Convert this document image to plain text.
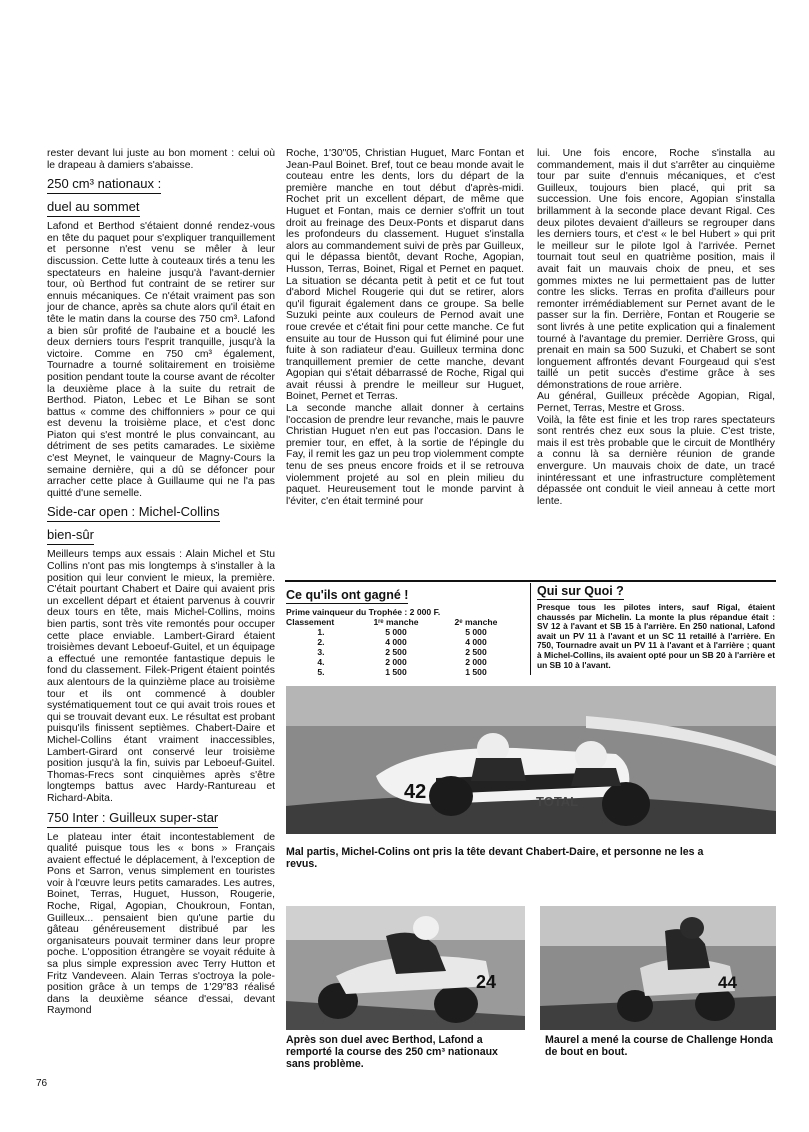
rester devant lui juste au bon moment : celui où le drapeau à damiers s'abaisse.

250 cm³ nationaux :
duel au sommet

Lafond et Berthod s'étaient donné rendez-vous en tête du paquet pour s'expliquer tranquillement et personne n'est venu se mêler à leur discussion. Cette lutte à couteaux tirés a tenu les spectateurs en haleine jusqu'à l'avant-dernier tour, où Berthod fut contraint de se retirer sur ennuis mécaniques. Ce n'était vraiment pas son jour de chance, après sa chute alors qu'il était en tête le matin dans la course des 750 cm³. Lafond a bien sûr profité de l'aubaine et a bouclé les deux derniers tours l'esprit tranquille, jusqu'à la victoire. Comme en 750 cm³ également, Tournadre a tourné solitairement en troisième position pendant toute la course avant de récolter la deuxième place à la suite du retrait de Berthod. Piaton, Lebec et Le Bihan se sont battus « comme des chiffonniers » pour ce qui est devenu la troisième place, et c'est donc Piaton qui s'est montré le plus convaincant, au détriment de ses petits camarades. Le sixième c'est Meynet, le vainqueur de Magny-Cours la semaine dernière, qui a dû se défoncer pour arracher cette place à Guillaume qui ne l'a pas quitté d'une semelle.

Side-car open : Michel-Collins
bien-sûr

Meilleurs temps aux essais : Alain Michel et Stu Collins n'ont pas mis longtemps à s'installer à la position qui leur convient le mieux, la première. C'était pourtant Chabert et Daire qui avaient pris un excellent départ et étaient parvenus à couvrir deux tours en tête, mais Michel-Collins, moins bien partis, sont très vite remontés pour occuper cette place enviable. Lambert-Girard étaient troisièmes devant Leboeuf-Guitel, et un équipage a effectué une remontée fantastique depuis le fond du classement. Filek-Prigent étaient pointés aux alentours de la quinzième place au troisième tour et ils ont commencé à doubler systématiquement tout ce qui avait trois roues et qui se trouvait devant eux. Le résultat est probant puisqu'ils finissent septièmes. Chabert-Daire et Michel-Collins étant vraiment inaccessibles, Lambert-Girard ont conservé leur troisième position jusqu'à la fin, suivis par Leboeuf-Guitel. Thomas-Frecs sont cinquièmes après s'être longtemps battus avec Hardy-Rantureau et Richard-Abita.

750 Inter : Guilleux super-star

Le plateau inter était incontestablement de qualité puisque tous les « bons » Français avaient effectué le déplacement, à l'exception de Pons et Sarron, venus simplement en touristes voir à l'œuvre leurs petits camarades. Les autres, Boinet, Terras, Huguet, Husson, Rougerie, Roche, Rigal, Agopian, Choukroun, Fontan, Guilleux... pensaient bien qu'une partie du gâteau généreusement distribué par les organisateurs pouvait terminer dans leur propre poche. L'opposition étrangère se voyait réduite à sa plus simple expression avec Terry Hutton et Fritz Vandeveen. Alain Terras s'octroya la pole-position grâce à un temps de 1'29"83 réalisé dans la deuxième séance d'essai, devant Raymond

Roche, 1'30"05, Christian Huguet, Marc Fontan et Jean-Paul Boinet. Bref, tout ce beau monde avait le couteau entre les dents, lors du départ de la première manche en tout début d'après-midi. Rochet prit un excellent départ, de même que Huguet et Fontan, mais ce dernier s'offrit un tout droit au freinage des Deux-Ponts et disparut dans les profondeurs du classement. Huguet s'installa alors au commandement suivi de près par Guilleux, qui le dépassa bientôt, devant Roche, Agopian, Husson, Terras, Boinet, Rigal et Pernet en paquet. La situation se décanta petit à petit et ce fut tout d'abord Michel Rougerie qui dut se retirer, alors qu'il figurait également dans ce groupe. Sa belle Suzuki peinte aux couleurs de Pernod avait une roue crevée et c'était fini pour cette manche. Ce fut ensuite au tour de Husson qui fut éliminé pour une fuite à son radiateur d'eau. Guilleux termina donc tranquillement premier de cette manche, devant Agopian qui s'était débarrassé de Roche, Rigal qui avait réussi à prendre le meilleur sur Huguet, Boinet, Pernet et Terras.

La seconde manche allait donner à certains l'occasion de prendre leur revanche, mais le pauvre Christian Huguet n'en eut pas l'occasion. Dans le premier tour, en effet, à la sortie de l'épingle du Fay, il remit les gaz un peu trop violemment compte tenu de ses pneus encore froids et il se retrouva violemment projeté au sol en plein milieu du paquet. Heureusement tout le monde parvint à l'éviter, c'en était terminé pour

lui. Une fois encore, Roche s'installa au commandement, mais il dut s'arrêter au cinquième tour par suite d'ennuis mécaniques, et c'est Guilleux, toujours bien placé, qui prit sa succession. Une fois encore, Agopian s'installa brillamment à la seconde place devant Rigal. Ces deux pilotes devaient d'ailleurs se regrouper dans les derniers tours, et c'est « le bel Hubert » qui prit le meilleur sur le pilote Igol à l'arrivée. Pernet tournait tout seul en quatrième position, mais il avait fait un mauvais choix de pneu, et ses gommes mixtes ne lui permettaient pas de lutter contre les slicks. Terras en profita d'ailleurs pour remonter irrémédiablement sur Pernet avant de le passer sur la fin. Derrière, Fontan et Rougerie se sont livrés à une petite explication qui a finalement tourné à l'avantage du premier. Derrière Gross, qui prenait en main sa 500 Suzuki, et Chabert se sont longuement affrontés devant Fourgeaud qui s'est taillé un petit succès d'estime grâce à ses démonstrations de roue arrière.

Au général, Guilleux précède Agopian, Rigal, Pernet, Terras, Mestre et Gross.

Voilà, la fête est finie et les trop rares spectateurs sont rentrés chez eux sous la pluie. C'est triste, mais il est très probable que le circuit de Montlhéry a connu là sa dernière réunion de grande envergure. Un mauvais choix de date, un tracé inintéressant et une infrastructure complètement dépassée ont conduit le vieil anneau à cette mort lente.

Ce qu'ils ont gagné !
Prime vainqueur du Trophée : 2 000 F.
Classement	1ʳᵉ manche	2ᵉ manche
1.	5 000	5 000
2.	4 000	4 000
3.	2 500	2 500
4.	2 000	2 000
5.	1 500	1 500
Qui sur Quoi ?
Presque tous les pilotes inters, sauf Rigal, étaient chaussés par Michelin. La monte la plus répandue était : SV 12 à l'avant et SB 15 à l'arrière. En 250 national, Lafond avait un PV 11 à l'avant et un SC 11 retaillé à l'arrière. En 750, Tournadre avait un PV 11 à l'avant et à l'arrière ; quant à Michel-Collins, ils avaient opté pour un SB 20 à l'arrière et un SB 10 à l'avant.
42	TOTAL
Mal partis, Michel-Colins ont pris la tête devant Chabert-Daire, et personne ne les a revus.
24
Après son duel avec Berthod, Lafond a remporté la course des 250 cm³ nationaux sans problème.
44
Maurel a mené la course de Challenge Honda de bout en bout.
76
